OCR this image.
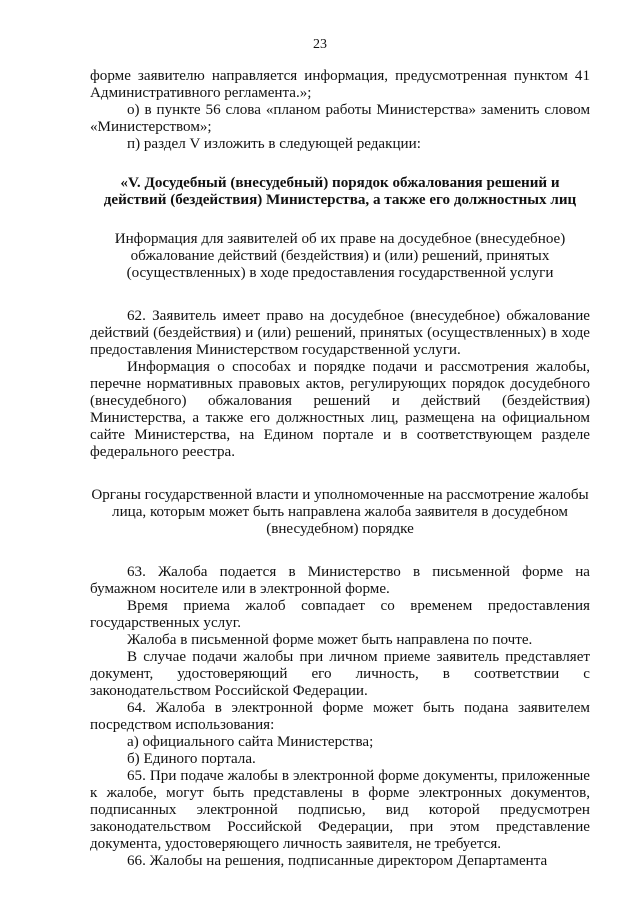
23

форме заявителю направляется информация, предусмотренная пунктом 41 Административного регламента.»;

о) в пункте 56 слова «планом работы Министерства» заменить словом «Министерством»;

п) раздел V изложить в следующей редакции:

«V. Досудебный (внесудебный) порядок обжалования решений и действий (бездействия) Министерства, а также его должностных лиц

Информация для заявителей об их праве на досудебное (внесудебное) обжалование действий (бездействия) и (или) решений, принятых (осуществленных) в ходе предоставления государственной услуги

62. Заявитель имеет право на досудебное (внесудебное) обжалование действий (бездействия) и (или) решений, принятых (осуществленных) в ходе предоставления Министерством государственной услуги.

Информация о способах и порядке подачи и рассмотрения жалобы, перечне нормативных правовых актов, регулирующих порядок досудебного (внесудебного) обжалования решений и действий (бездействия) Министерства, а также его должностных лиц, размещена на официальном сайте Министерства, на Едином портале и в соответствующем разделе федерального реестра.

Органы государственной власти и уполномоченные на рассмотрение жалобы лица, которым может быть направлена жалоба заявителя в досудебном (внесудебном) порядке

63. Жалоба подается в Министерство в письменной форме на бумажном носителе или в электронной форме.

Время приема жалоб совпадает со временем предоставления государственных услуг.

Жалоба в письменной форме может быть направлена по почте.

В случае подачи жалобы при личном приеме заявитель представляет документ, удостоверяющий его личность, в соответствии с законодательством Российской Федерации.

64. Жалоба в электронной форме может быть подана заявителем посредством использования:

а) официального сайта Министерства;

б) Единого портала.

65. При подаче жалобы в электронной форме документы, приложенные к жалобе, могут быть представлены в форме электронных документов, подписанных электронной подписью, вид которой предусмотрен законодательством Российской Федерации, при этом представление документа, удостоверяющего личность заявителя, не требуется.

66. Жалобы на решения, подписанные директором Департамента
